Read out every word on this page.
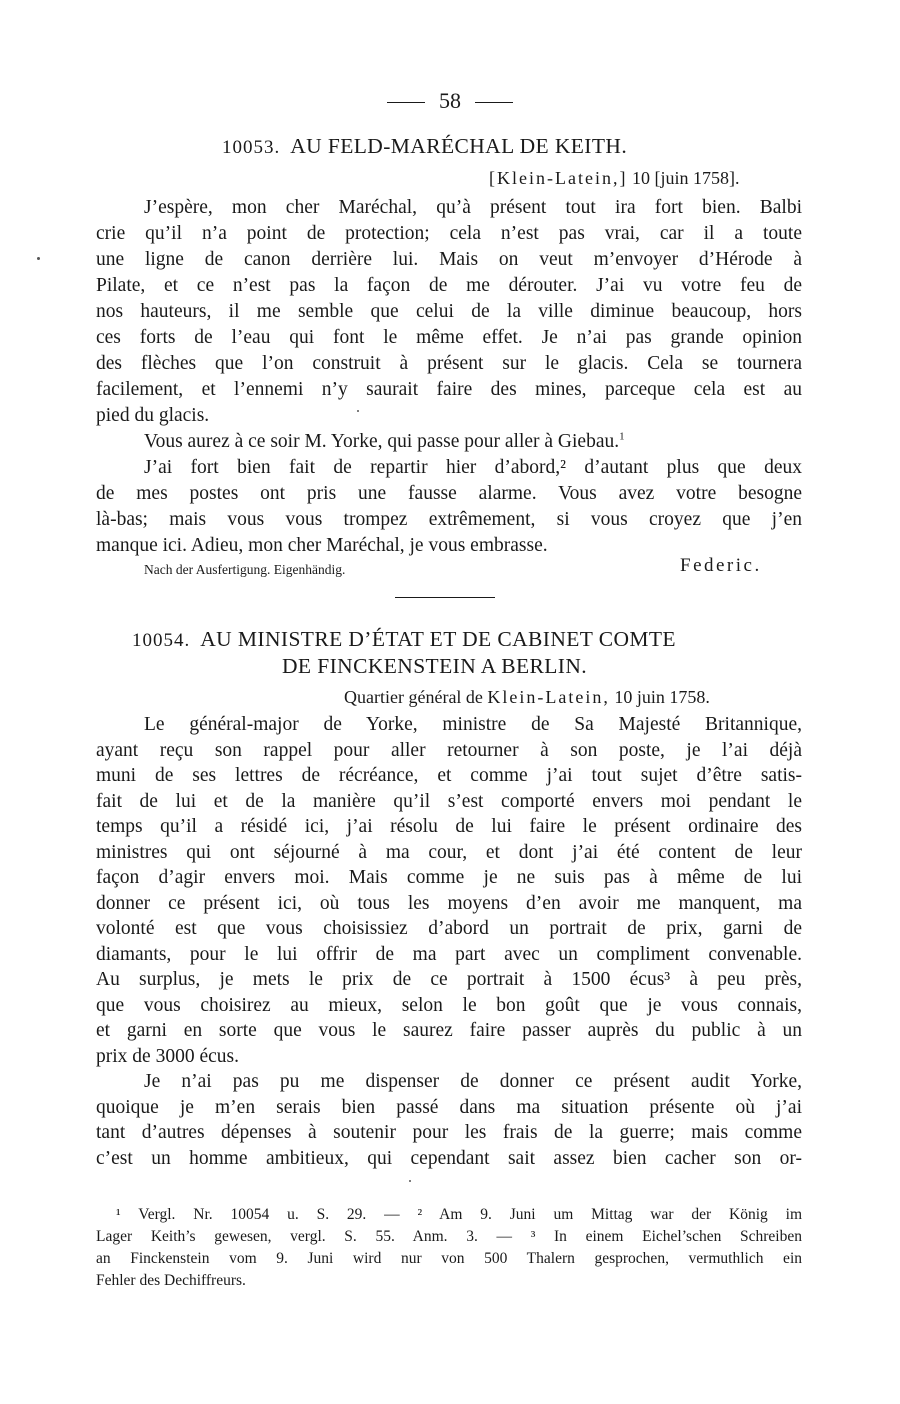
58
10053. AU FELD-MARÉCHAL DE KEITH.
[Klein-Latein,] 10 [juin 1758].
J’espère, mon cher Maréchal, qu’à présent tout ira fort bien. Balbi
crie qu’il n’a point de protection; cela n’est pas vrai, car il a toute
une ligne de canon derrière lui. Mais on veut m’envoyer d’Hérode à
Pilate, et ce n’est pas la façon de me dérouter. J’ai vu votre feu de
nos hauteurs, il me semble que celui de la ville diminue beaucoup, hors
ces forts de l’eau qui font le même effet. Je n’ai pas grande opinion
des flèches que l’on construit à présent sur le glacis. Cela se tournera
facilement, et l’ennemi n’y saurait faire des mines, parceque cela est au
pied du glacis.
Vous aurez à ce soir M. Yorke, qui passe pour aller à Giebau.$^1$
J’ai fort bien fait de repartir hier d’abord,² d’autant plus que deux
de mes postes ont pris une fausse alarme. Vous avez votre besogne
là-bas; mais vous vous trompez extrêmement, si vous croyez que j’en
manque ici. Adieu, mon cher Maréchal, je vous embrasse.
Nach der Ausfertigung. Eigenhändig.	Federic.
10054. AU MINISTRE D’ÉTAT ET DE CABINET COMTE
DE FINCKENSTEIN A BERLIN.
Quartier général de Klein-Latein, 10 juin 1758.
Le général-major de Yorke, ministre de Sa Majesté Britannique,
ayant reçu son rappel pour aller retourner à son poste, je l’ai déjà
muni de ses lettres de récréance, et comme j’ai tout sujet d’être satis-
fait de lui et de la manière qu’il s’est comporté envers moi pendant le
temps qu’il a résidé ici, j’ai résolu de lui faire le présent ordinaire des
ministres qui ont séjourné à ma cour, et dont j’ai été content de leur
façon d’agir envers moi. Mais comme je ne suis pas à même de lui
donner ce présent ici, où tous les moyens d’en avoir me manquent, ma
volonté est que vous choisissiez d’abord un portrait de prix, garni de
diamants, pour le lui offrir de ma part avec un compliment convenable.
Au surplus, je mets le prix de ce portrait à 1500 écus³ à peu près,
que vous choisirez au mieux, selon le bon goût que je vous connais,
et garni en sorte que vous le saurez faire passer auprès du public à un
prix de 3000 écus.
Je n’ai pas pu me dispenser de donner ce présent audit Yorke,
quoique je m’en serais bien passé dans ma situation présente où j’ai
tant d’autres dépenses à soutenir pour les frais de la guerre; mais comme
c’est un homme ambitieux, qui cependant sait assez bien cacher son or-
¹ Vergl. Nr. 10054 u. S. 29. — ² Am 9. Juni um Mittag war der König im
Lager Keith’s gewesen, vergl. S. 55. Anm. 3. — ³ In einem Eichel’schen Schreiben
an Finckenstein vom 9. Juni wird nur von 500 Thalern gesprochen, vermuthlich ein
Fehler des Dechiffreurs.
